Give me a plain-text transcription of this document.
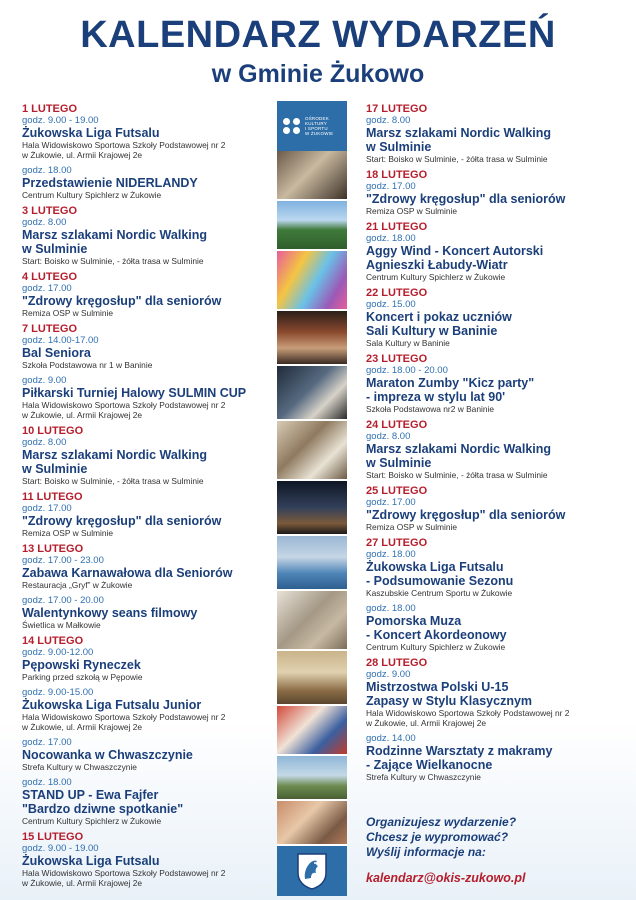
KALENDARZ WYDARZEŃ
w Gminie Żukowo
1 LUTEGO
godz. 9.00 - 19.00
Żukowska Liga Futsalu
Hala Widowiskowo Sportowa Szkoły Podstawowej nr 2
w Żukowie, ul. Armii Krajowej 2e
godz. 18.00
Przedstawienie NIDERLANDY
Centrum Kultury Spichlerz w Żukowie
3 LUTEGO
godz. 8.00
Marsz szlakami Nordic Walking
w Sulminie
Start: Boisko w Sulminie, - żółta trasa w Sulminie
4 LUTEGO
godz. 17.00
"Zdrowy kręgosłup" dla seniorów
Remiza OSP w Sulminie
7 LUTEGO
godz. 14.00-17.00
Bal Seniora
Szkoła Podstawowa nr 1 w Baninie
godz. 9.00
Piłkarski Turniej Halowy SULMIN CUP
Hala Widowiskowo Sportowa Szkoły Podstawowej nr 2
w Żukowie, ul. Armii Krajowej 2e
10 LUTEGO
godz. 8.00
Marsz szlakami Nordic Walking
w Sulminie
Start: Boisko w Sulminie, - żółta trasa w Sulminie
11 LUTEGO
godz. 17.00
"Zdrowy kręgosłup" dla seniorów
Remiza OSP w Sulminie
13 LUTEGO
godz. 17.00 - 23.00
Zabawa Karnawałowa dla Seniorów
Restauracja „Gryf” w Żukowie
godz. 17.00 - 20.00
Walentynkowy seans filmowy
Świetlica w Małkowie
14 LUTEGO
godz. 9.00-12.00
Pępowski Ryneczek
Parking przed szkołą w Pępowie
godz. 9.00-15.00
Żukowska Liga Futsalu Junior
Hala Widowiskowo Sportowa Szkoły Podstawowej nr 2
w Żukowie, ul. Armii Krajowej 2e
godz. 17.00
Nocowanka w Chwaszczynie
Strefa Kultury w Chwaszczynie
godz. 18.00
STAND UP - Ewa Fajfer
"Bardzo dziwne spotkanie"
Centrum Kultury Spichlerz w Żukowie
15 LUTEGO
godz. 9.00 - 19.00
Żukowska Liga Futsalu
Hala Widowiskowo Sportowa Szkoły Podstawowej nr 2
w Żukowie, ul. Armii Krajowej 2e
17 LUTEGO
godz. 8.00
Marsz szlakami Nordic Walking
w Sulminie
Start: Boisko w Sulminie, - żółta trasa w Sulminie
18 LUTEGO
godz. 17.00
"Zdrowy kręgosłup" dla seniorów
Remiza OSP w Sulminie
21 LUTEGO
godz. 18.00
Aggy Wind - Koncert Autorski
Agnieszki Łabudy-Wiatr
Centrum Kultury Spichlerz w Żukowie
22 LUTEGO
godz. 15.00
Koncert i pokaz uczniów
Sali Kultury w Baninie
Sala Kultury w Baninie
23 LUTEGO
godz. 18.00 - 20.00
Maraton Zumby "Kicz party"
- impreza w stylu lat 90'
Szkoła Podstawowa nr2 w Baninie
24 LUTEGO
godz. 8.00
Marsz szlakami Nordic Walking
w Sulminie
Start: Boisko w Sulminie, - żółta trasa w Sulminie
25 LUTEGO
godz. 17.00
"Zdrowy kręgosłup" dla seniorów
Remiza OSP w Sulminie
27 LUTEGO
godz. 18.00
Żukowska Liga Futsalu
- Podsumowanie Sezonu
Kaszubskie Centrum Sportu w Żukowie
godz. 18.00
Pomorska Muza
- Koncert Akordeonowy
Centrum Kultury Spichlerz w Żukowie
28 LUTEGO
godz. 9.00
Mistrzostwa Polski U-15
Zapasy w Stylu Klasycznym
Hala Widowiskowo Sportowa Szkoły Podstawowej nr 2
w Żukowie, ul. Armii Krajowej 2e
godz. 14.00
Rodzinne Warsztaty z makramy
- Zające Wielkanocne
Strefa Kultury w Chwaszczynie
OŚRODEK
KULTURY
I SPORTU
W ŻUKOWIE
Organizujesz wydarzenie?
Chcesz je wypromować?
Wyślij informacje na:
kalendarz@okis-zukowo.pl
